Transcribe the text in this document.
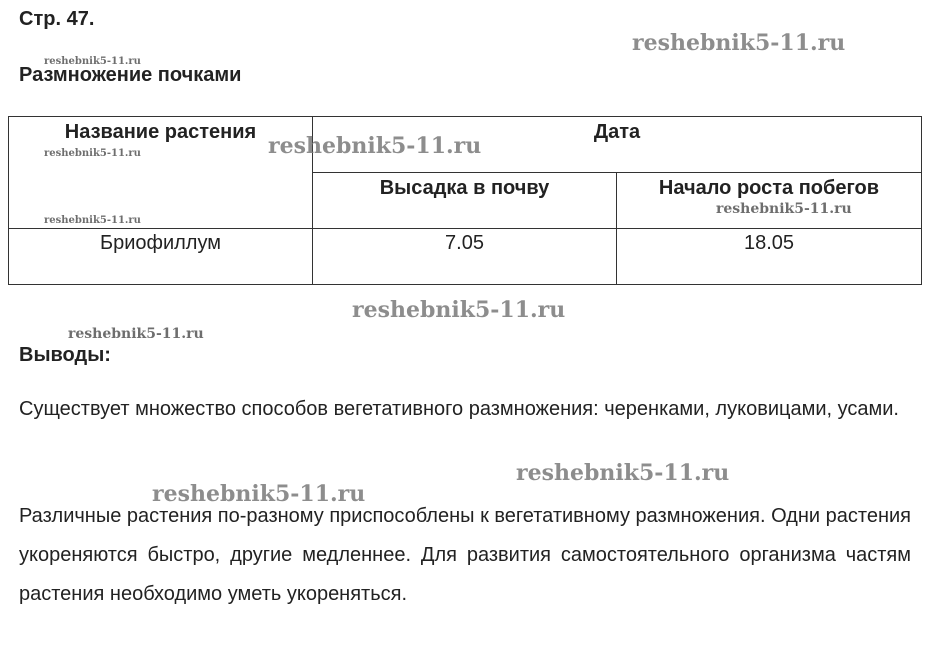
Стр. 47.
Размножение почками
Название растения	Дата	

	Высадка в почву	Начало роста побегов

Бриофиллум	7.05	18.05
Выводы:

Существует множество способов вегетативного размножения: черенками, луковицами, усами.

Различные растения по-разному приспособлены к вегетативному размножения. Одни растения укореняются быстро, другие медленнее. Для развития самостоятельного организма частям растения необходимо уметь укореняться.

reshebnik5-11.ru
reshebnik5-11.ru
reshebnik5-11.ru
reshebnik5-11.ru
reshebnik5-11.ru
reshebnik5-11.ru
reshebnik5-11.ru
reshebnik5-11.ru
reshebnik5-11.ru
reshebnik5-11.ru
